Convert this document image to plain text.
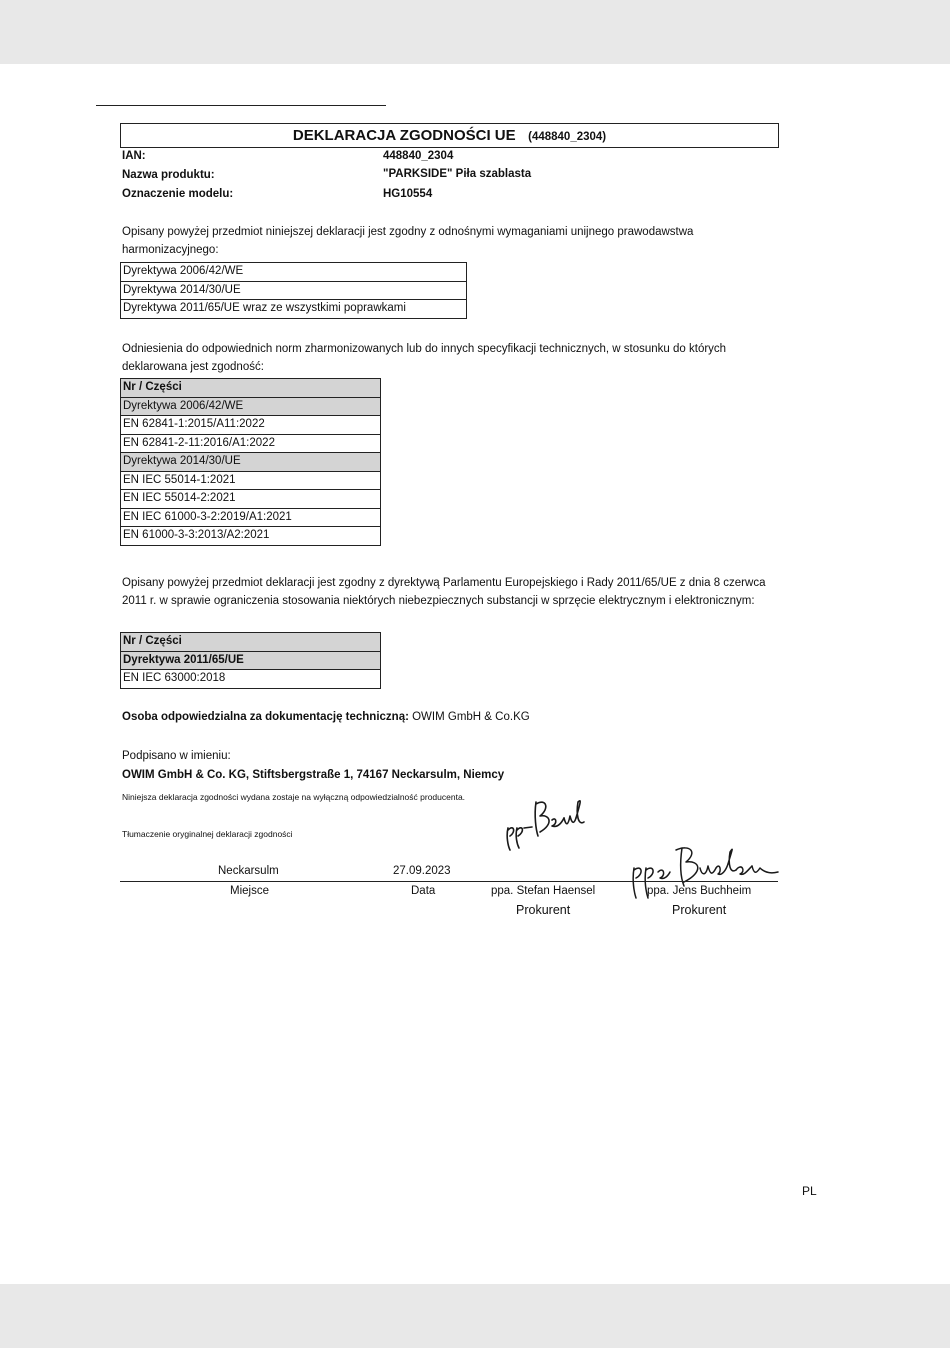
DEKLARACJA ZGODNOŚCI UE (448840_2304)
IAN:	448840_2304
Nazwa produktu:	"PARKSIDE" Piła szablasta
Oznaczenie modelu:	HG10554
Opisany powyżej przedmiot niniejszej deklaracji jest zgodny z odnośnymi wymaganiami unijnego prawodawstwa harmonizacyjnego:
Dyrektywa 2006/42/WE
Dyrektywa 2014/30/UE
Dyrektywa 2011/65/UE wraz ze wszystkimi poprawkami
Odniesienia do odpowiednich norm zharmonizowanych lub do innych specyfikacji technicznych, w stosunku do których deklarowana jest zgodność:
Nr / Części
Dyrektywa 2006/42/WE
EN 62841-1:2015/A11:2022
EN 62841-2-11:2016/A1:2022
Dyrektywa 2014/30/UE
EN IEC 55014-1:2021
EN IEC 55014-2:2021
EN IEC 61000-3-2:2019/A1:2021
EN 61000-3-3:2013/A2:2021
Opisany powyżej przedmiot deklaracji jest zgodny z dyrektywą Parlamentu Europejskiego i Rady 2011/65/UE z dnia 8 czerwca 2011 r. w sprawie ograniczenia stosowania niektórych niebezpiecznych substancji w sprzęcie elektrycznym i elektronicznym:
Nr / Części
Dyrektywa 2011/65/UE
EN IEC 63000:2018
Osoba odpowiedzialna za dokumentację techniczną: OWIM GmbH & Co.KG
Podpisano w imieniu:
OWIM GmbH & Co. KG, Stiftsbergstraße 1, 74167 Neckarsulm, Niemcy
Niniejsza deklaracja zgodności wydana zostaje na wyłączną odpowiedzialność producenta.
Tłumaczenie oryginalnej deklaracji zgodności
Neckarsulm	27.09.2023
Miejsce	Data	ppa. Stefan Haensel	ppa. Jens Buchheim
Prokurent	Prokurent
PL
